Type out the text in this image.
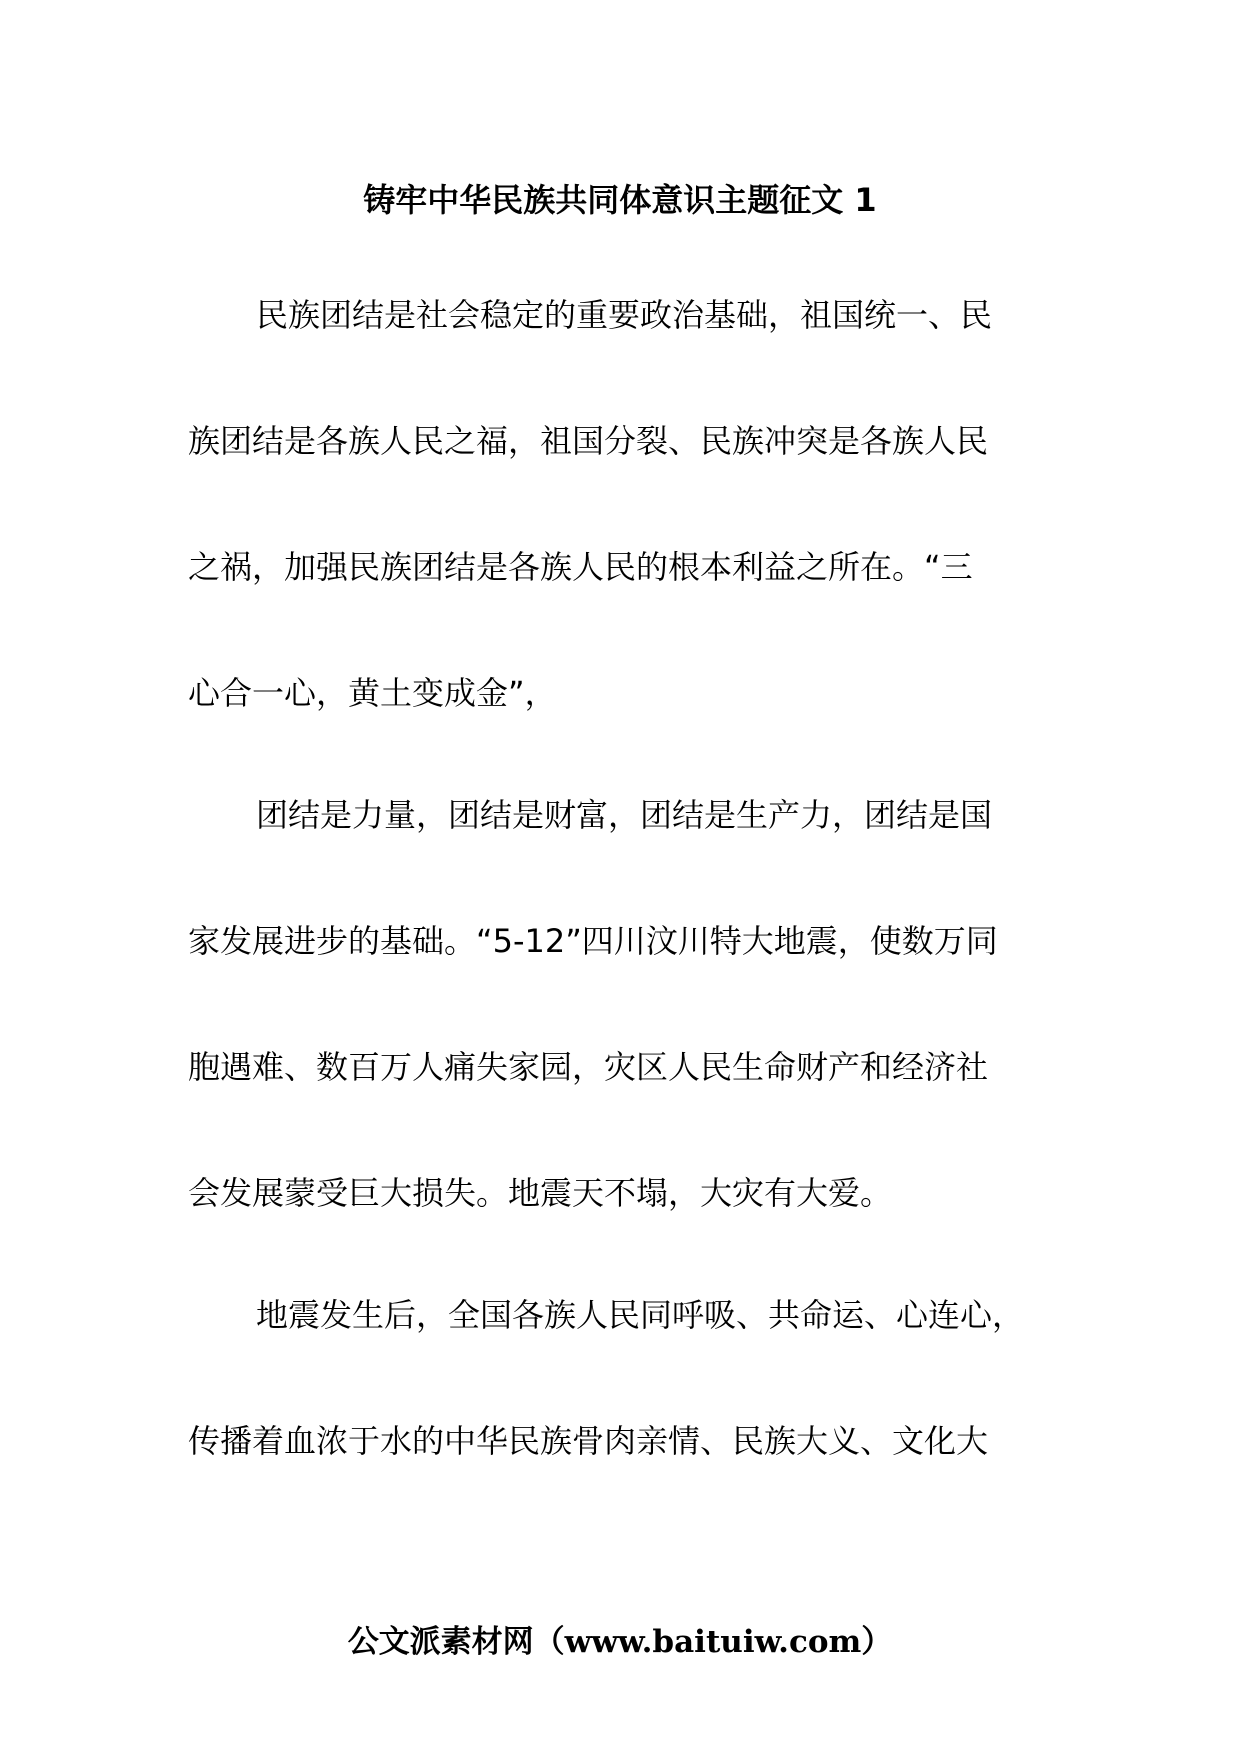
铸牢中华民族共同体意识主题征文 1
民族团结是社会稳定的重要政治基础，祖国统一、民
族团结是各族人民之福，祖国分裂、民族冲突是各族人民
之祸，加强民族团结是各族人民的根本利益之所在。“三
心合一心，黄土变成金”，
团结是力量，团结是财富，团结是生产力，团结是国
家发展进步的基础。“5-12”四川汶川特大地震，使数万同
胞遇难、数百万人痛失家园，灾区人民生命财产和经济社
会发展蒙受巨大损失。地震天不塌，大灾有大爱。
地震发生后，全国各族人民同呼吸、共命运、心连心，
传播着血浓于水的中华民族骨肉亲情、民族大义、文化大
公文派素材网（www.baituiw.com）
